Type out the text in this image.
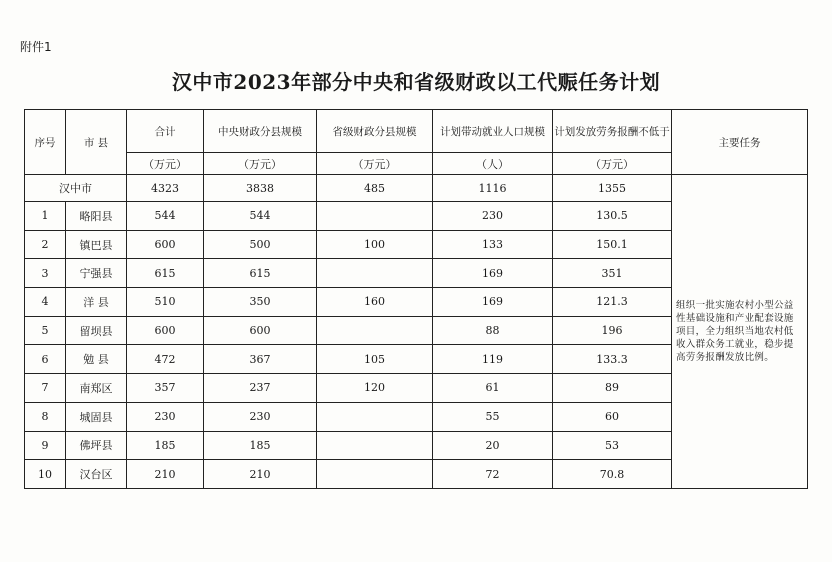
附件1
汉中市2023年部分中央和省级财政以工代赈任务计划
序号	市 县	合计	中央财政分县规模	省级财政分县规模	计划带动就业人口规模	计划发放劳务报酬不低于	主要任务
		（万元）	（万元）	（万元）	（人）	（万元）	
汉中市		4323	3838	485	1116	1355	组织一批实施农村小型公益性基础设施和产业配套设施项目，全力组织当地农村低收入群众务工就业，稳步提高劳务报酬发放比例。
1	略阳县	544	544		230	130.5	
2	镇巴县	600	500	100	133	150.1	
3	宁强县	615	615		169	351	
4	洋 县	510	350	160	169	121.3	
5	留坝县	600	600		88	196	
6	勉 县	472	367	105	119	133.3	
7	南郑区	357	237	120	61	89	
8	城固县	230	230		55	60	
9	佛坪县	185	185		20	53	
10	汉台区	210	210		72	70.8	
